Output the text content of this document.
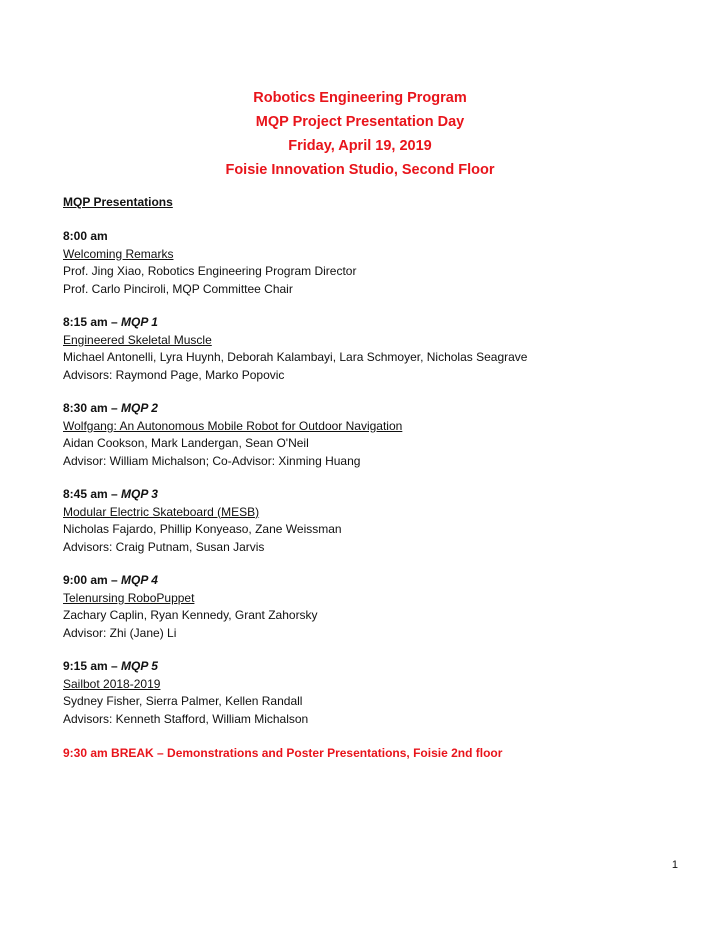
Robotics Engineering Program
MQP Project Presentation Day
Friday, April 19, 2019
Foisie Innovation Studio, Second Floor
MQP Presentations
8:00 am
Welcoming Remarks
Prof. Jing Xiao, Robotics Engineering Program Director
Prof. Carlo Pinciroli, MQP Committee Chair
8:15 am – MQP 1
Engineered Skeletal Muscle
Michael Antonelli, Lyra Huynh, Deborah Kalambayi, Lara Schmoyer, Nicholas Seagrave
Advisors: Raymond Page, Marko Popovic
8:30 am – MQP 2
Wolfgang: An Autonomous Mobile Robot for Outdoor Navigation
Aidan Cookson, Mark Landergan, Sean O'Neil
Advisor: William Michalson; Co-Advisor: Xinming Huang
8:45 am – MQP 3
Modular Electric Skateboard (MESB)
Nicholas Fajardo, Phillip Konyeaso, Zane Weissman
Advisors: Craig Putnam, Susan Jarvis
9:00 am – MQP 4
Telenursing RoboPuppet
Zachary Caplin, Ryan Kennedy, Grant Zahorsky
Advisor: Zhi (Jane) Li
9:15 am – MQP 5
Sailbot 2018-2019
Sydney Fisher, Sierra Palmer, Kellen Randall
Advisors: Kenneth Stafford, William Michalson
9:30 am BREAK – Demonstrations and Poster Presentations, Foisie 2nd floor
1
